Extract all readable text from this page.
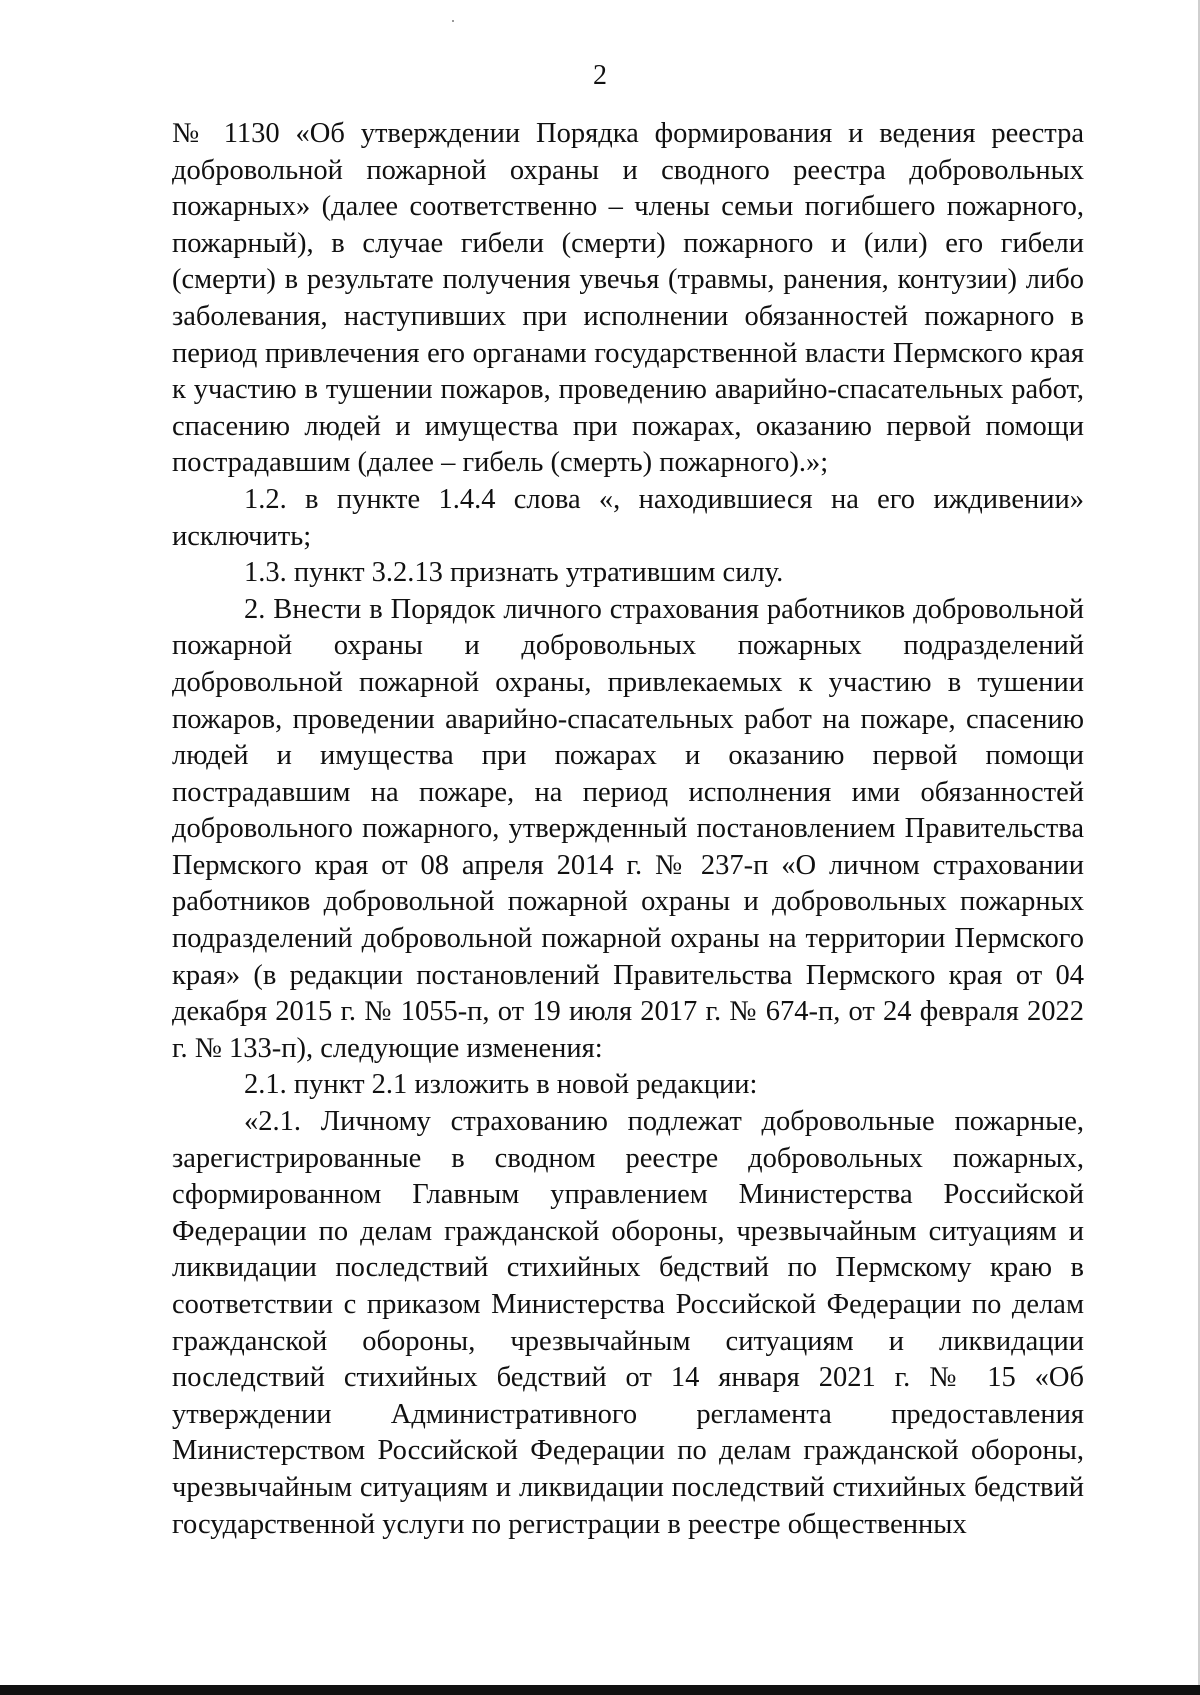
2

№ 1130 «Об утверждении Порядка формирования и ведения реестра добровольной пожарной охраны и сводного реестра добровольных пожарных» (далее соответственно – члены семьи погибшего пожарного, пожарный), в случае гибели (смерти) пожарного и (или) его гибели (смерти) в результате получения увечья (травмы, ранения, контузии) либо заболевания, наступивших при исполнении обязанностей пожарного в период привлечения его органами государственной власти Пермского края к участию в тушении пожаров, проведению аварийно-спасательных работ, спасению людей и имущества при пожарах, оказанию первой помощи пострадавшим (далее – гибель (смерть) пожарного).»;

1.2. в пункте 1.4.4 слова «, находившиеся на его иждивении» исключить;

1.3. пункт 3.2.13 признать утратившим силу.

2. Внести в Порядок личного страхования работников добровольной пожарной охраны и добровольных пожарных подразделений добровольной пожарной охраны, привлекаемых к участию в тушении пожаров, проведении аварийно-спасательных работ на пожаре, спасению людей и имущества при пожарах и оказанию первой помощи пострадавшим на пожаре, на период исполнения ими обязанностей добровольного пожарного, утвержденный постановлением Правительства Пермского края от 08 апреля 2014 г. № 237-п «О личном страховании работников добровольной пожарной охраны и добровольных пожарных подразделений добровольной пожарной охраны на территории Пермского края» (в редакции постановлений Правительства Пермского края от 04 декабря 2015 г. № 1055-п, от 19 июля 2017 г. № 674-п, от 24 февраля 2022 г. № 133-п), следующие изменения:

2.1. пункт 2.1 изложить в новой редакции:

«2.1. Личному страхованию подлежат добровольные пожарные, зарегистрированные в сводном реестре добровольных пожарных, сформированном Главным управлением Министерства Российской Федерации по делам гражданской обороны, чрезвычайным ситуациям и ликвидации последствий стихийных бедствий по Пермскому краю в соответствии с приказом Министерства Российской Федерации по делам гражданской обороны, чрезвычайным ситуациям и ликвидации последствий стихийных бедствий от 14 января 2021 г. № 15 «Об утверждении Административного регламента предоставления Министерством Российской Федерации по делам гражданской обороны, чрезвычайным ситуациям и ликвидации последствий стихийных бедствий государственной услуги по регистрации в реестре общественных
